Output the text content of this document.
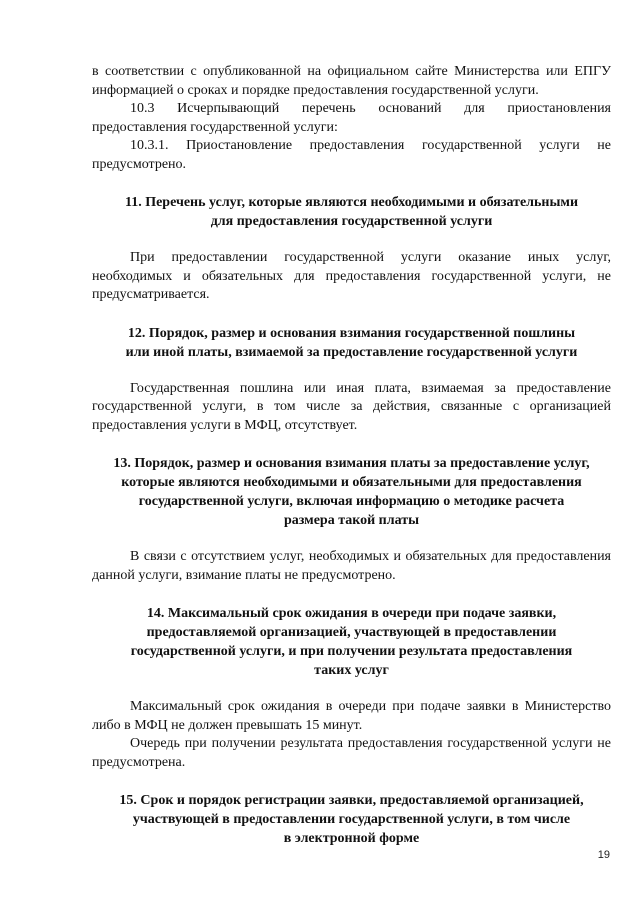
в соответствии с опубликованной на официальном сайте Министерства или ЕПГУ информацией о сроках и порядке предоставления государственной услуги.

10.3 Исчерпывающий перечень оснований для приостановления предоставления государственной услуги:

10.3.1. Приостановление предоставления государственной услуги не предусмотрено.

11. Перечень услуг, которые являются необходимыми и обязательными
для предоставления государственной услуги

При предоставлении государственной услуги оказание иных услуг, необходимых и обязательных для предоставления государственной услуги, не предусматривается.

12. Порядок, размер и основания взимания государственной пошлины
или иной платы, взимаемой за предоставление государственной услуги

Государственная пошлина или иная плата, взимаемая за предоставление государственной услуги, в том числе за действия, связанные с организацией предоставления услуги в МФЦ, отсутствует.

13. Порядок, размер и основания взимания платы за предоставление услуг,
которые являются необходимыми и обязательными для предоставления
государственной услуги, включая информацию о методике расчета
размера такой платы

В связи с отсутствием услуг, необходимых и обязательных для предоставления данной услуги, взимание платы не предусмотрено.

14. Максимальный срок ожидания в очереди при подаче заявки,
предоставляемой организацией, участвующей в предоставлении
государственной услуги, и при получении результата предоставления
таких услуг

Максимальный срок ожидания в очереди при подаче заявки в Министерство либо в МФЦ не должен превышать 15 минут.

Очередь при получении результата предоставления государственной услуги не предусмотрена.

15. Срок и порядок регистрации заявки, предоставляемой организацией,
участвующей в предоставлении государственной услуги, в том числе
в электронной форме
19
